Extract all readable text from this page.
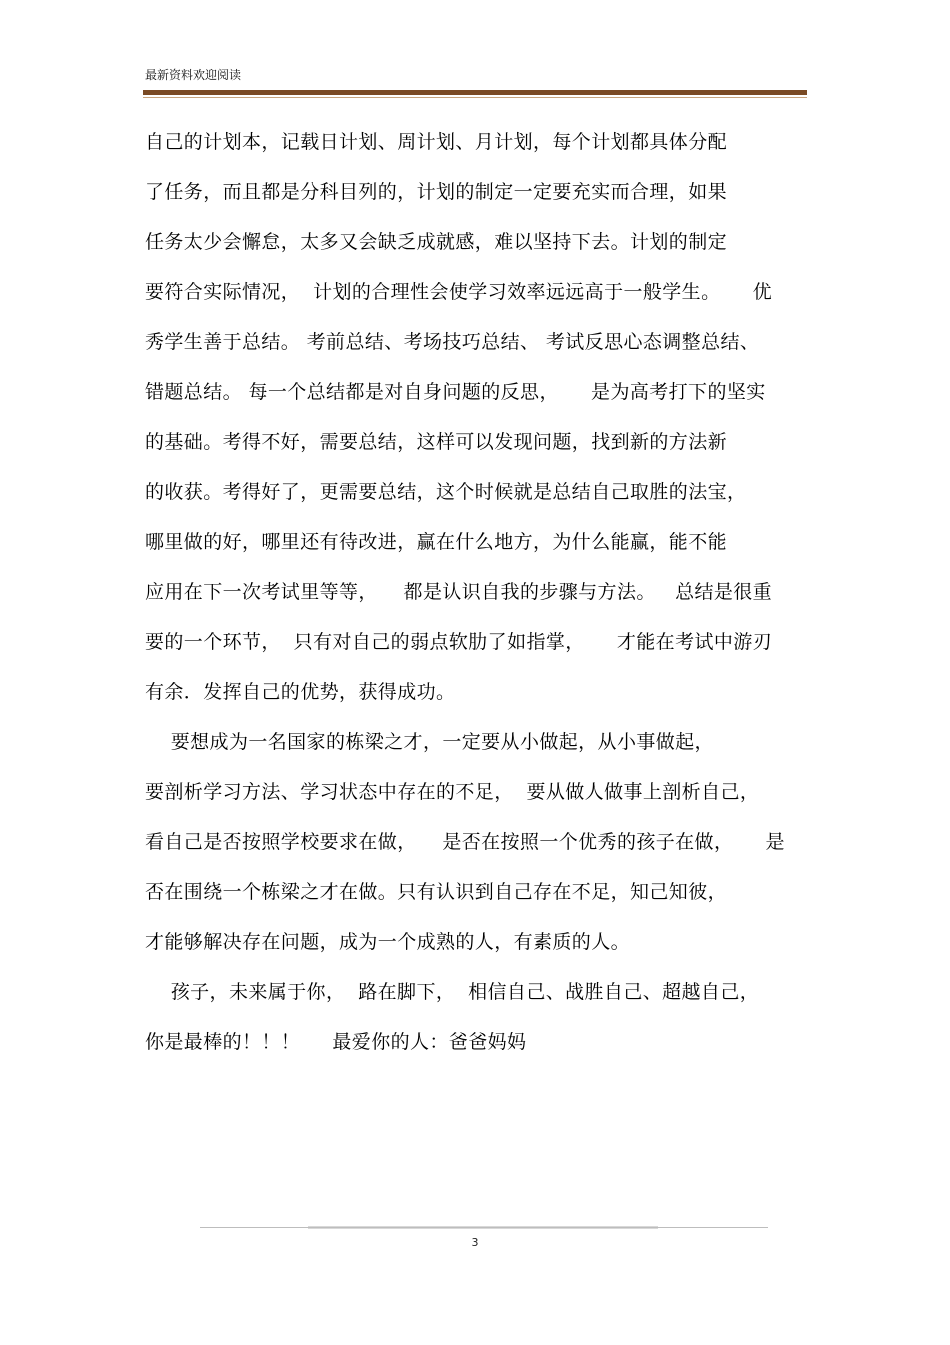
最新资料欢迎阅读
自己的计划本，记载日计划、周计划、月计划，每个计划都具体分配
了任务，而且都是分科目列的，计划的制定一定要充实而合理，如果
任务太少会懈怠，太多又会缺乏成就感，难以坚持下去。计划的制定
要符合实际情况，  计划的合理性会使学习效率远远高于一般学生。     优
秀学生善于总结。 考前总结、考场技巧总结、 考试反思心态调整总结、
错题总结。 每一个总结都是对自身问题的反思，     是为高考打下的坚实
的基础。考得不好，需要总结，这样可以发现问题，找到新的方法新
的收获。考得好了，更需要总结，这个时候就是总结自己取胜的法宝，
哪里做的好，哪里还有待改进，赢在什么地方，为什么能赢，能不能
应用在下一次考试里等等，    都是认识自我的步骤与方法。   总结是很重
要的一个环节，  只有对自己的弱点软肋了如指掌，     才能在考试中游刃
有余．发挥自己的优势，获得成功。
要想成为一名国家的栋梁之才，一定要从小做起，从小事做起，
要剖析学习方法、学习状态中存在的不足，  要从做人做事上剖析自己，
看自己是否按照学校要求在做，    是否在按照一个优秀的孩子在做，     是
否在围绕一个栋梁之才在做。只有认识到自己存在不足，知己知彼，
才能够解决存在问题，成为一个成熟的人，有素质的人。
孩子，未来属于你，  路在脚下，  相信自己、战胜自己、超越自己，
你是最棒的！！！     最爱你的人：爸爸妈妈
3
